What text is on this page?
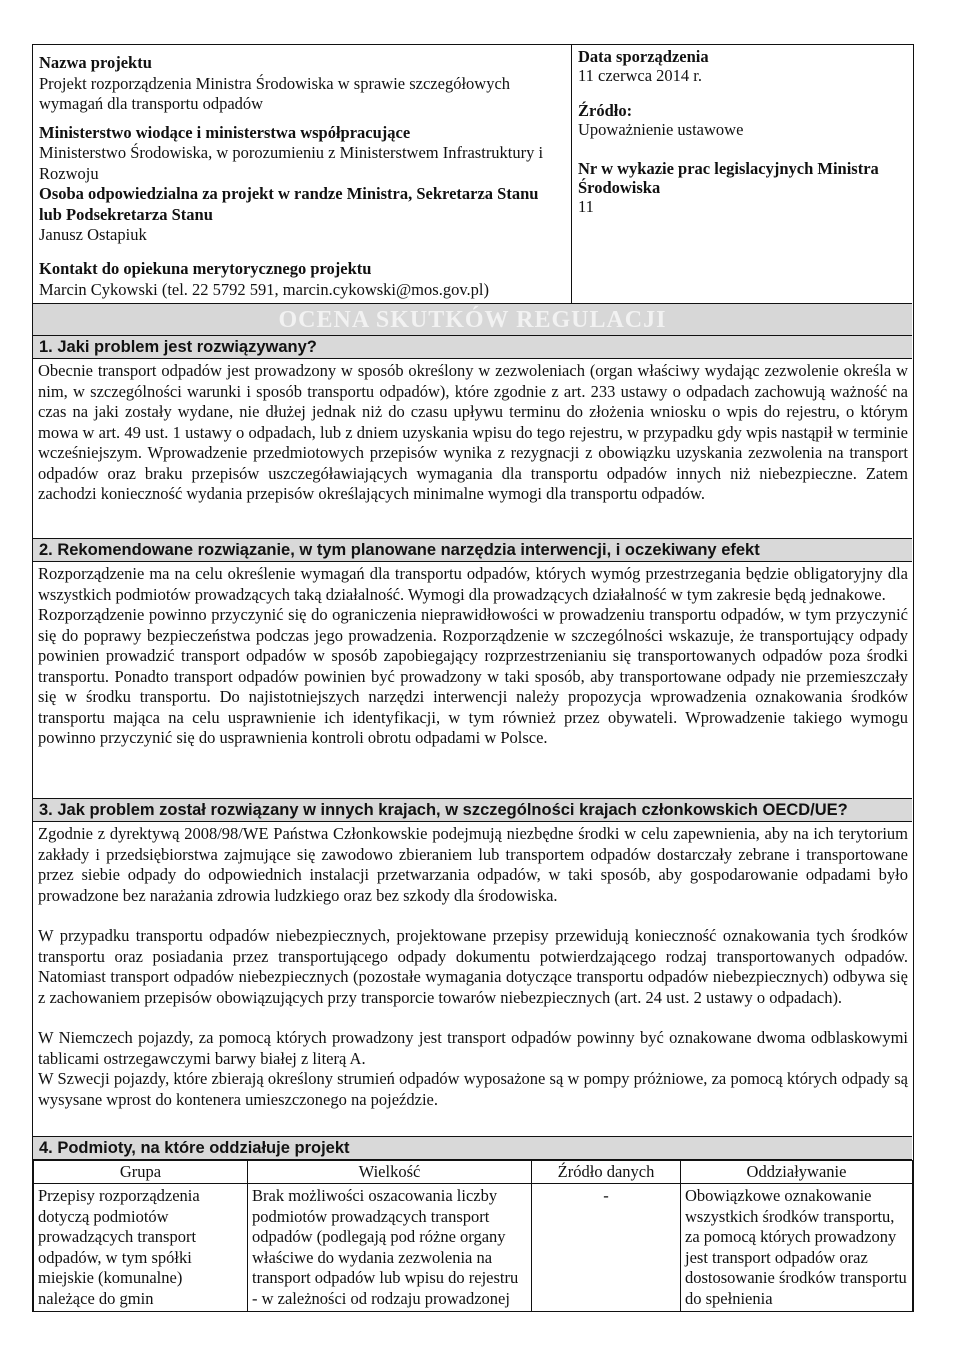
Nazwa projektu

Projekt rozporządzenia Ministra Środowiska w sprawie szczegółowych wymagań dla transportu odpadów

Ministerstwo wiodące i ministerstwa współpracujące

Ministerstwo Środowiska, w porozumieniu z Ministerstwem Infrastruktury i Rozwoju

Osoba odpowiedzialna za projekt w randze Ministra, Sekretarza Stanu lub Podsekretarza Stanu

Janusz Ostapiuk

Kontakt do opiekuna merytorycznego projektu

Marcin Cykowski (tel. 22 5792 591, marcin.cykowski@mos.gov.pl)

Data sporządzenia

11 czerwca 2014 r.

Źródło:

Upoważnienie ustawowe

Nr w wykazie prac legislacyjnych Ministra Środowiska

11

OCENA SKUTKÓW REGULACJI
1. Jaki problem jest rozwiązywany?

Obecnie transport odpadów jest prowadzony w sposób określony w zezwoleniach (organ właściwy wydając zezwolenie określa w nim, w szczególności warunki i sposób transportu odpadów), które zgodnie z art. 233 ustawy o odpadach zachowują ważność na czas na jaki zostały wydane, nie dłużej jednak niż do czasu upływu terminu do złożenia wniosku o wpis do rejestru, o którym mowa w art. 49 ust. 1 ustawy o odpadach, lub z dniem uzyskania wpisu do tego rejestru, w przypadku gdy wpis nastąpił w terminie wcześniejszym. Wprowadzenie przedmiotowych przepisów wynika z rezygnacji z obowiązku uzyskania zezwolenia na transport odpadów oraz braku przepisów uszczegóławiających wymagania dla transportu odpadów innych niż niebezpieczne. Zatem zachodzi konieczność wydania przepisów określających minimalne wymogi dla transportu odpadów.

2. Rekomendowane rozwiązanie, w tym planowane narzędzia interwencji, i oczekiwany efekt

Rozporządzenie ma na celu określenie wymagań dla transportu odpadów, których wymóg przestrzegania będzie obligatoryjny dla wszystkich podmiotów prowadzących taką działalność. Wymogi dla prowadzących działalność w tym zakresie będą jednakowe.

Rozporządzenie powinno przyczynić się do ograniczenia nieprawidłowości w prowadzeniu transportu odpadów, w tym przyczynić się do poprawy bezpieczeństwa podczas jego prowadzenia. Rozporządzenie w szczególności wskazuje, że transportujący odpady powinien prowadzić transport odpadów w sposób zapobiegający rozprzestrzenianiu się transportowanych odpadów poza środki transportu. Ponadto transport odpadów powinien być prowadzony w taki sposób, aby transportowane odpady nie przemieszczały się w środku transportu. Do najistotniejszych narzędzi interwencji należy propozycja wprowadzenia oznakowania środków transportu mająca na celu usprawnienie ich identyfikacji, w tym również przez obywateli. Wprowadzenie takiego wymogu powinno przyczynić się do usprawnienia kontroli obrotu odpadami w Polsce.

3. Jak problem został rozwiązany w innych krajach, w szczególności krajach członkowskich OECD/UE?

Zgodnie z dyrektywą 2008/98/WE Państwa Członkowskie podejmują niezbędne środki w celu zapewnienia, aby na ich terytorium zakłady i przedsiębiorstwa zajmujące się zawodowo zbieraniem lub transportem odpadów dostarczały zebrane i transportowane przez siebie odpady do odpowiednich instalacji przetwarzania odpadów, w taki sposób, aby gospodarowanie odpadami było prowadzone bez narażania zdrowia ludzkiego oraz bez szkody dla środowiska.

W przypadku transportu odpadów niebezpiecznych, projektowane przepisy przewidują konieczność oznakowania tych środków transportu oraz posiadania przez transportującego odpady dokumentu potwierdzającego rodzaj transportowanych odpadów. Natomiast transport odpadów niebezpiecznych (pozostałe wymagania dotyczące transportu odpadów niebezpiecznych) odbywa się z zachowaniem przepisów obowiązujących przy transporcie towarów niebezpiecznych (art. 24 ust. 2 ustawy o odpadach).

W Niemczech pojazdy, za pomocą których prowadzony jest transport odpadów powinny być oznakowane dwoma odblaskowymi tablicami ostrzegawczymi barwy białej z literą A.

W Szwecji pojazdy, które zbierają określony strumień odpadów wyposażone są w pompy próżniowe, za pomocą których odpady są wysysane wprost do kontenera umieszczonego na pojeździe.

4. Podmioty, na które oddziałuje projekt
Grupa	Wielkość	Źródło danych	Oddziaływanie
Przepisy rozporządzenia dotyczą podmiotów prowadzących transport odpadów, w tym spółki miejskie (komunalne) należące do gmin	Brak możliwości oszacowania liczby podmiotów prowadzących transport odpadów (podlegają pod różne organy właściwe do wydania zezwolenia na transport odpadów lub wpisu do rejestru - w zależności od rodzaju prowadzonej	-	Obowiązkowe oznakowanie wszystkich środków transportu, za pomocą których prowadzony jest transport odpadów oraz dostosowanie środków transportu do spełnienia
